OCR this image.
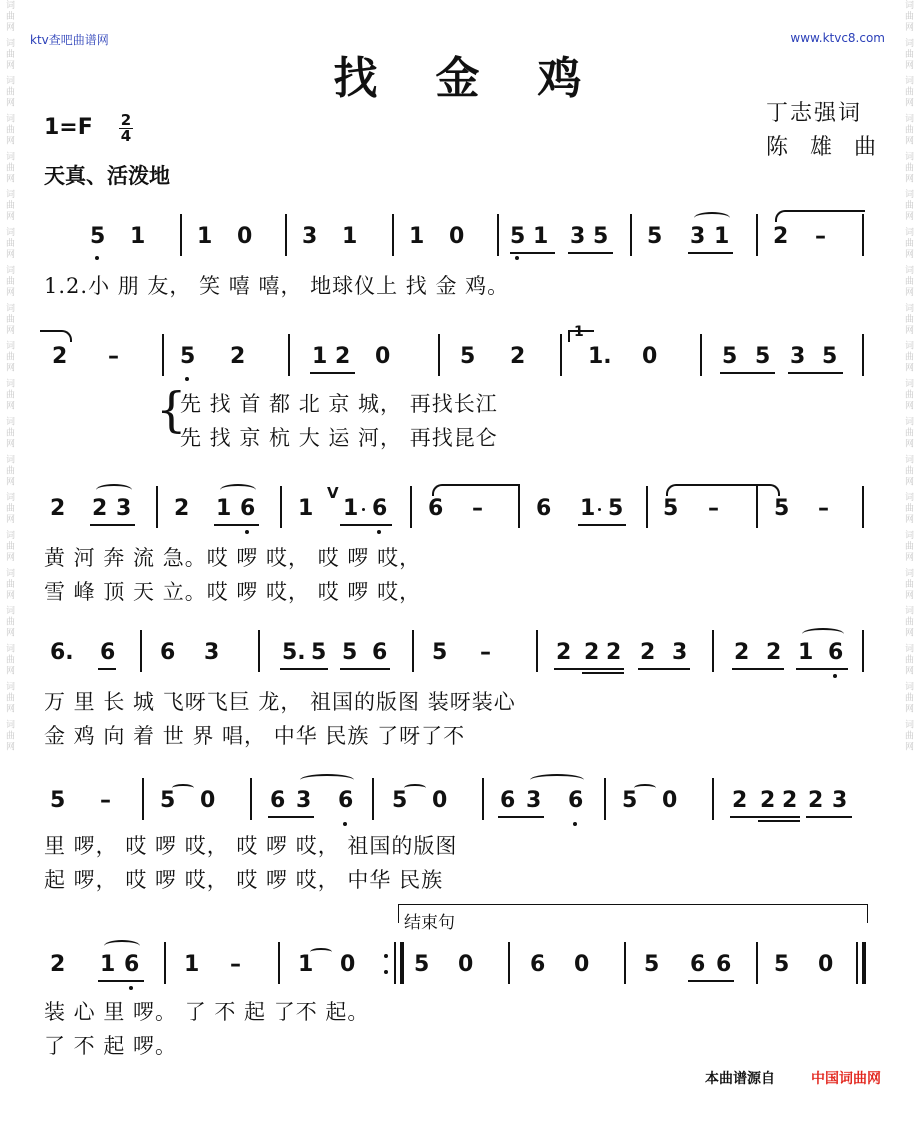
ktv查吧曲谱网	www.ktvc8.com
词曲网 词曲网 词曲网 词曲网 词曲网 词曲网 词曲网 词曲网 词曲网 词曲网 词曲网 词曲网 词曲网 词曲网 词曲网 词曲网 词曲网 词曲网 词曲网 词曲网	词曲网 词曲网 词曲网 词曲网 词曲网 词曲网 词曲网 词曲网 词曲网 词曲网 词曲网 词曲网 词曲网 词曲网 词曲网 词曲网 词曲网 词曲网 词曲网 词曲网
找金鸡
丁志强词
陈雄曲
1=F 2
4
天真、活泼地
5 1 1 0 3 1 1 0 5 1 3 5 5 3 1 2 –
1.2.小 朋 友， 笑 嘻 嘻， 地球仪上 找 金 鸡。
2 –	5 2	1 2 0	5 2
1
1. 0	5 5 3 5
{
先 找 首 都 北 京 城， 再找长江
先 找 京 杭 大 运 河， 再找昆仑
2 2 3 2 1 6 1
V
1 6 6 – 6 1 5 5 –	5 –
黄 河 奔 流 急。哎 啰 哎， 哎 啰 哎，
雪 峰 顶 天 立。哎 啰 哎， 哎 啰 哎，
6. 6 6 3	5. 5 5 6 5 –	2 2 2 2 3 2 2 1 6
万 里 长 城 飞呀飞巨 龙， 祖国的版图 装呀装心
金 鸡 向 着 世 界 唱， 中华 民族 了呀了不
5 – 5 0 6 3 6 5 0 6 3 6 5 0 2 2 2 2 3
里 啰， 哎 啰 哎， 哎 啰 哎， 祖国的版图
起 啰， 哎 啰 哎， 哎 啰 哎， 中华 民族
结束句
2 1 6 1 –	1 0	5 0	6 0 5 6 6 5 0
装 心 里 啰。 了 不 起 了不 起。
了 不 起 啰。
本曲谱源自	中国词曲网
